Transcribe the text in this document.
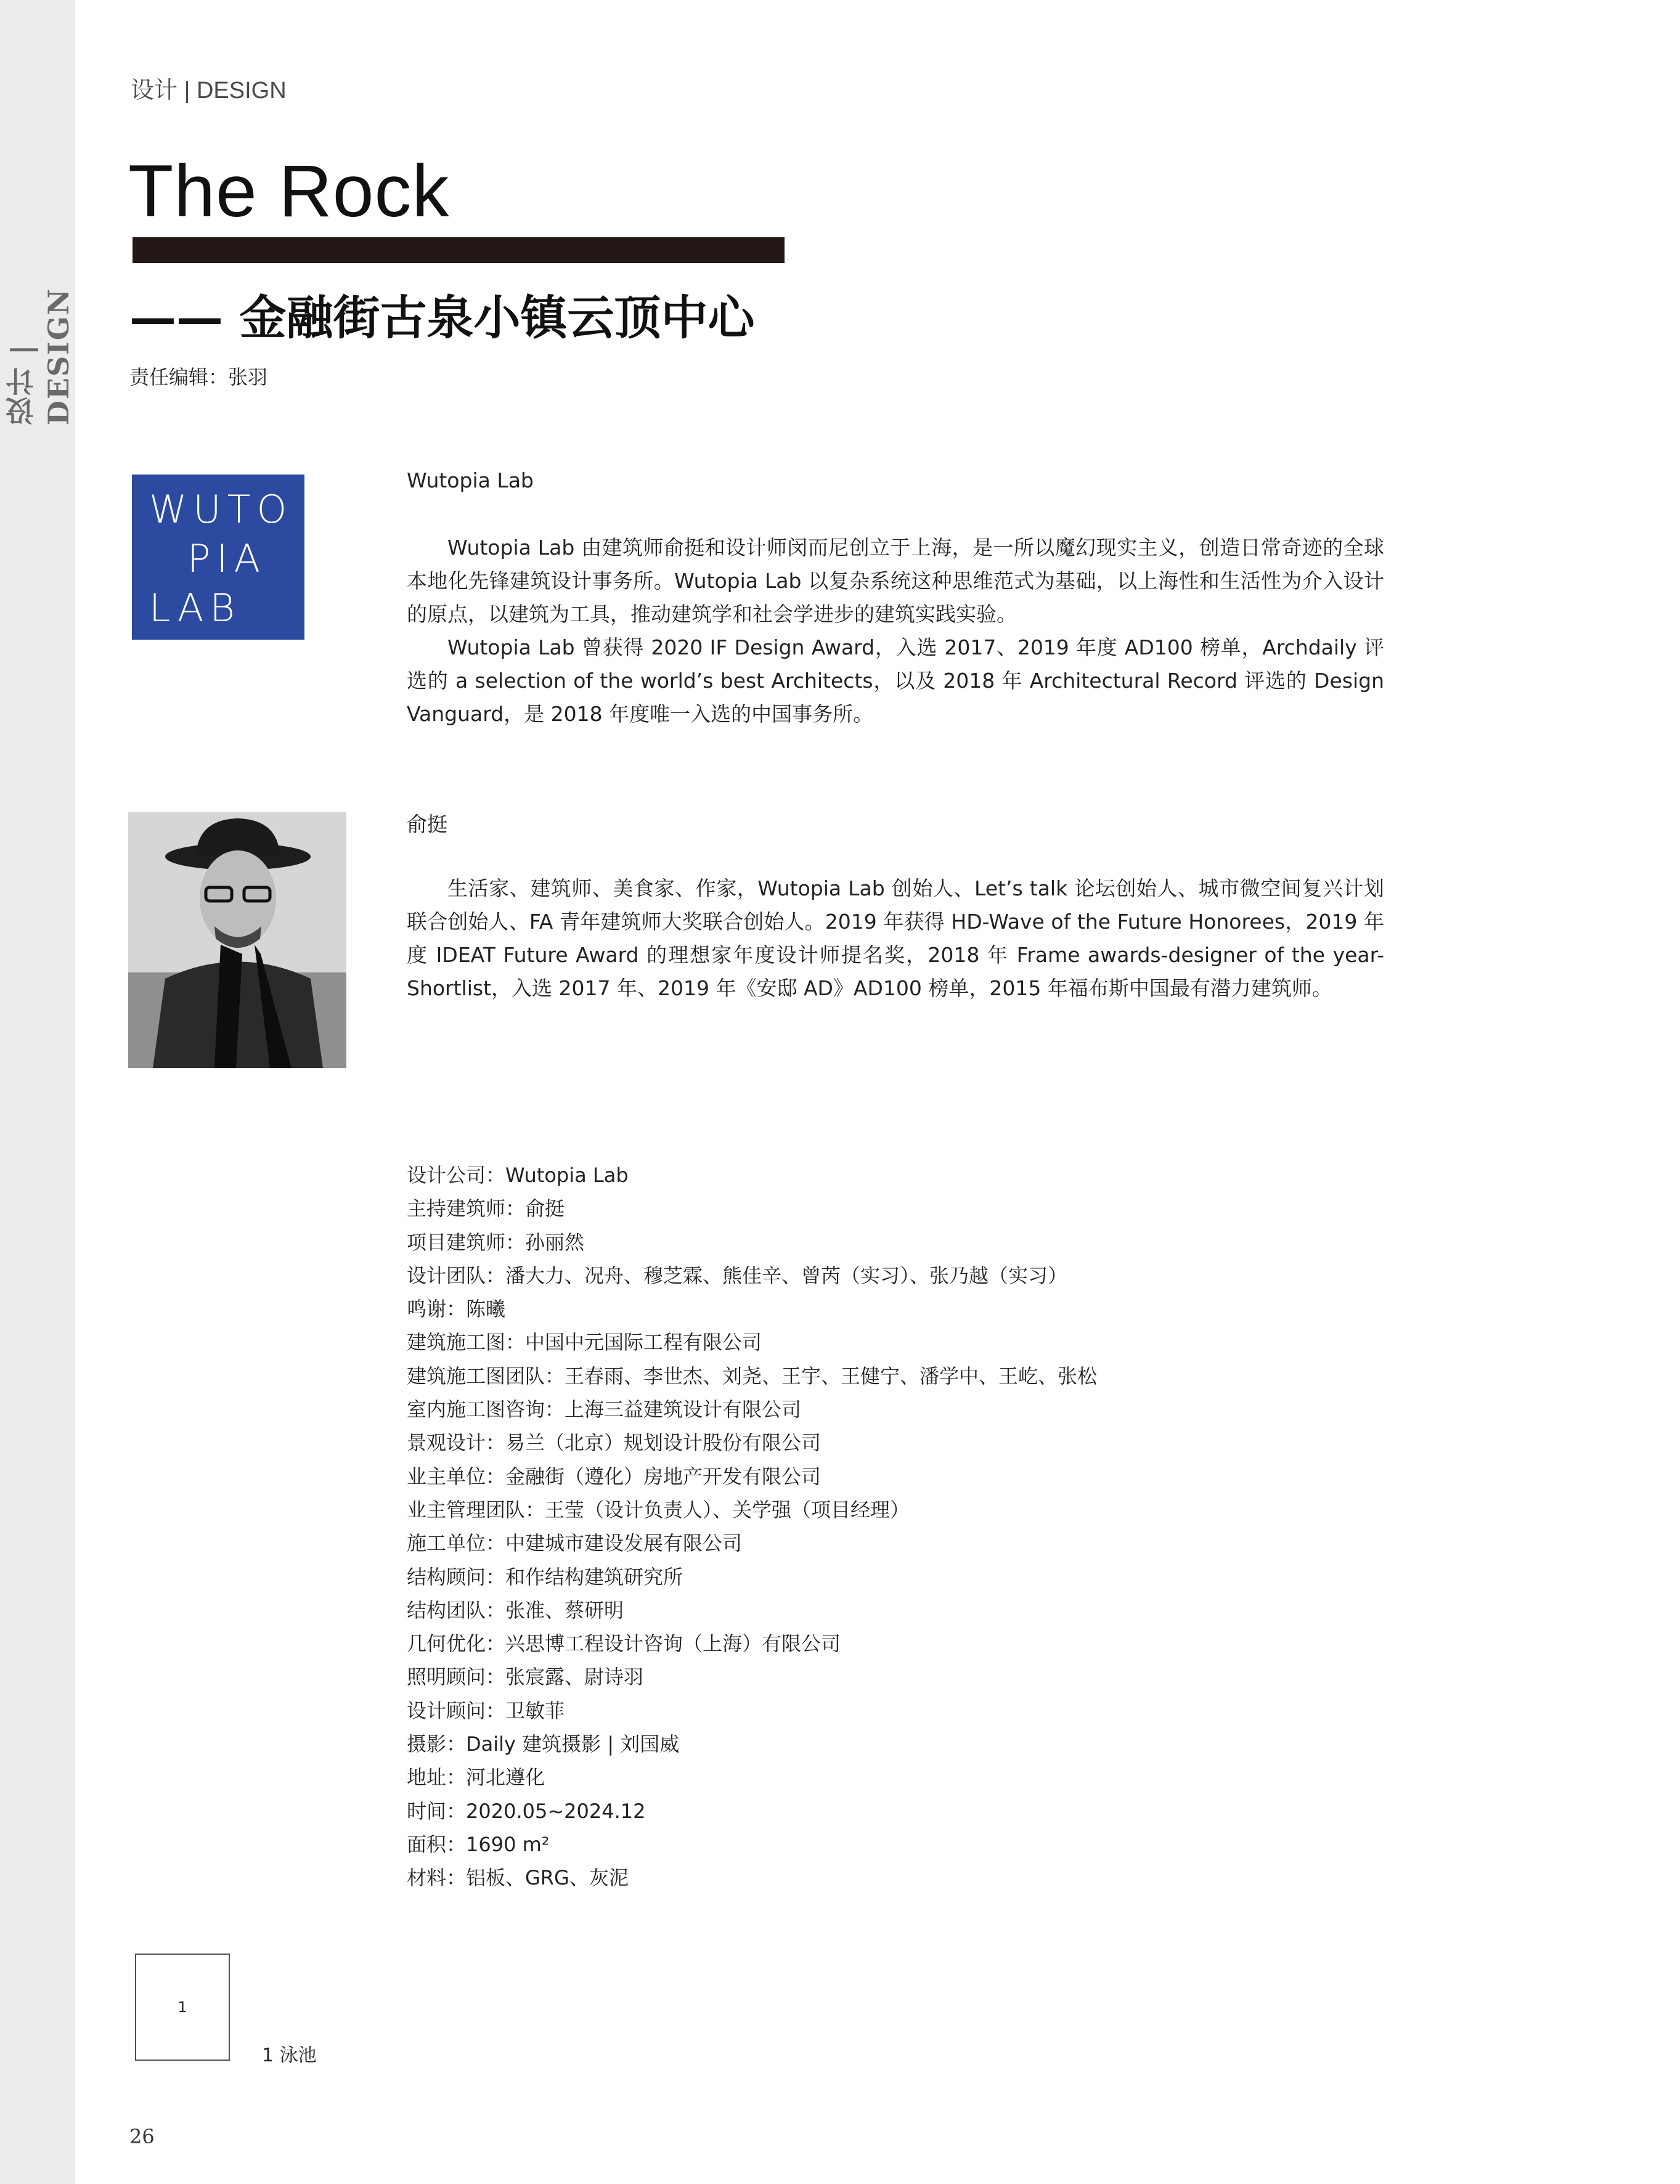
设计 | DESIGN
设计 | DESIGN
The Rock
—— 金融街古泉小镇云顶中心
责任编辑：张羽
WUTO
PIA
LAB
Wutopia Lab

Wutopia Lab 由建筑师俞挺和设计师闵而尼创立于上海，是一所以魔幻现实主义，创造日常奇迹的全球本地化先锋建筑设计事务所。Wutopia Lab 以复杂系统这种思维范式为基础，以上海性和生活性为介入设计的原点，以建筑为工具，推动建筑学和社会学进步的建筑实践实验。

Wutopia Lab 曾获得 2020 IF Design Award，入选 2017、2019 年度 AD100 榜单，Archdaily 评选的 a selection of the world’s best Architects，以及 2018 年 Architectural Record 评选的 Design Vanguard，是 2018 年度唯一入选的中国事务所。

俞挺

生活家、建筑师、美食家、作家，Wutopia Lab 创始人、Let’s talk 论坛创始人、城市微空间复兴计划联合创始人、FA 青年建筑师大奖联合创始人。2019 年获得 HD-Wave of the Future Honorees，2019 年度 IDEAT Future Award 的理想家年度设计师提名奖，2018 年 Frame awards-designer of the year-Shortlist，入选 2017 年、2019 年《安邸 AD》AD100 榜单，2015 年福布斯中国最有潜力建筑师。

设计公司：Wutopia Lab
主持建筑师：俞挺
项目建筑师：孙丽然
设计团队：潘大力、况舟、穆芝霖、熊佳辛、曾芮（实习）、张乃越（实习）
鸣谢：陈曦
建筑施工图：中国中元国际工程有限公司
建筑施工图团队：王春雨、李世杰、刘尧、王宇、王健宁、潘学中、王屹、张松
室内施工图咨询：上海三益建筑设计有限公司
景观设计：易兰（北京）规划设计股份有限公司
业主单位：金融街（遵化）房地产开发有限公司
业主管理团队：王莹（设计负责人）、关学强（项目经理）
施工单位：中建城市建设发展有限公司
结构顾问：和作结构建筑研究所
结构团队：张准、蔡研明
几何优化：兴思博工程设计咨询（上海）有限公司
照明顾问：张宸露、尉诗羽
设计顾问：卫敏菲
摄影：Daily 建筑摄影 | 刘国威
地址：河北遵化
时间：2020.05~2024.12
面积：1690 m²
材料：铝板、GRG、灰泥
1
1 泳池
26
